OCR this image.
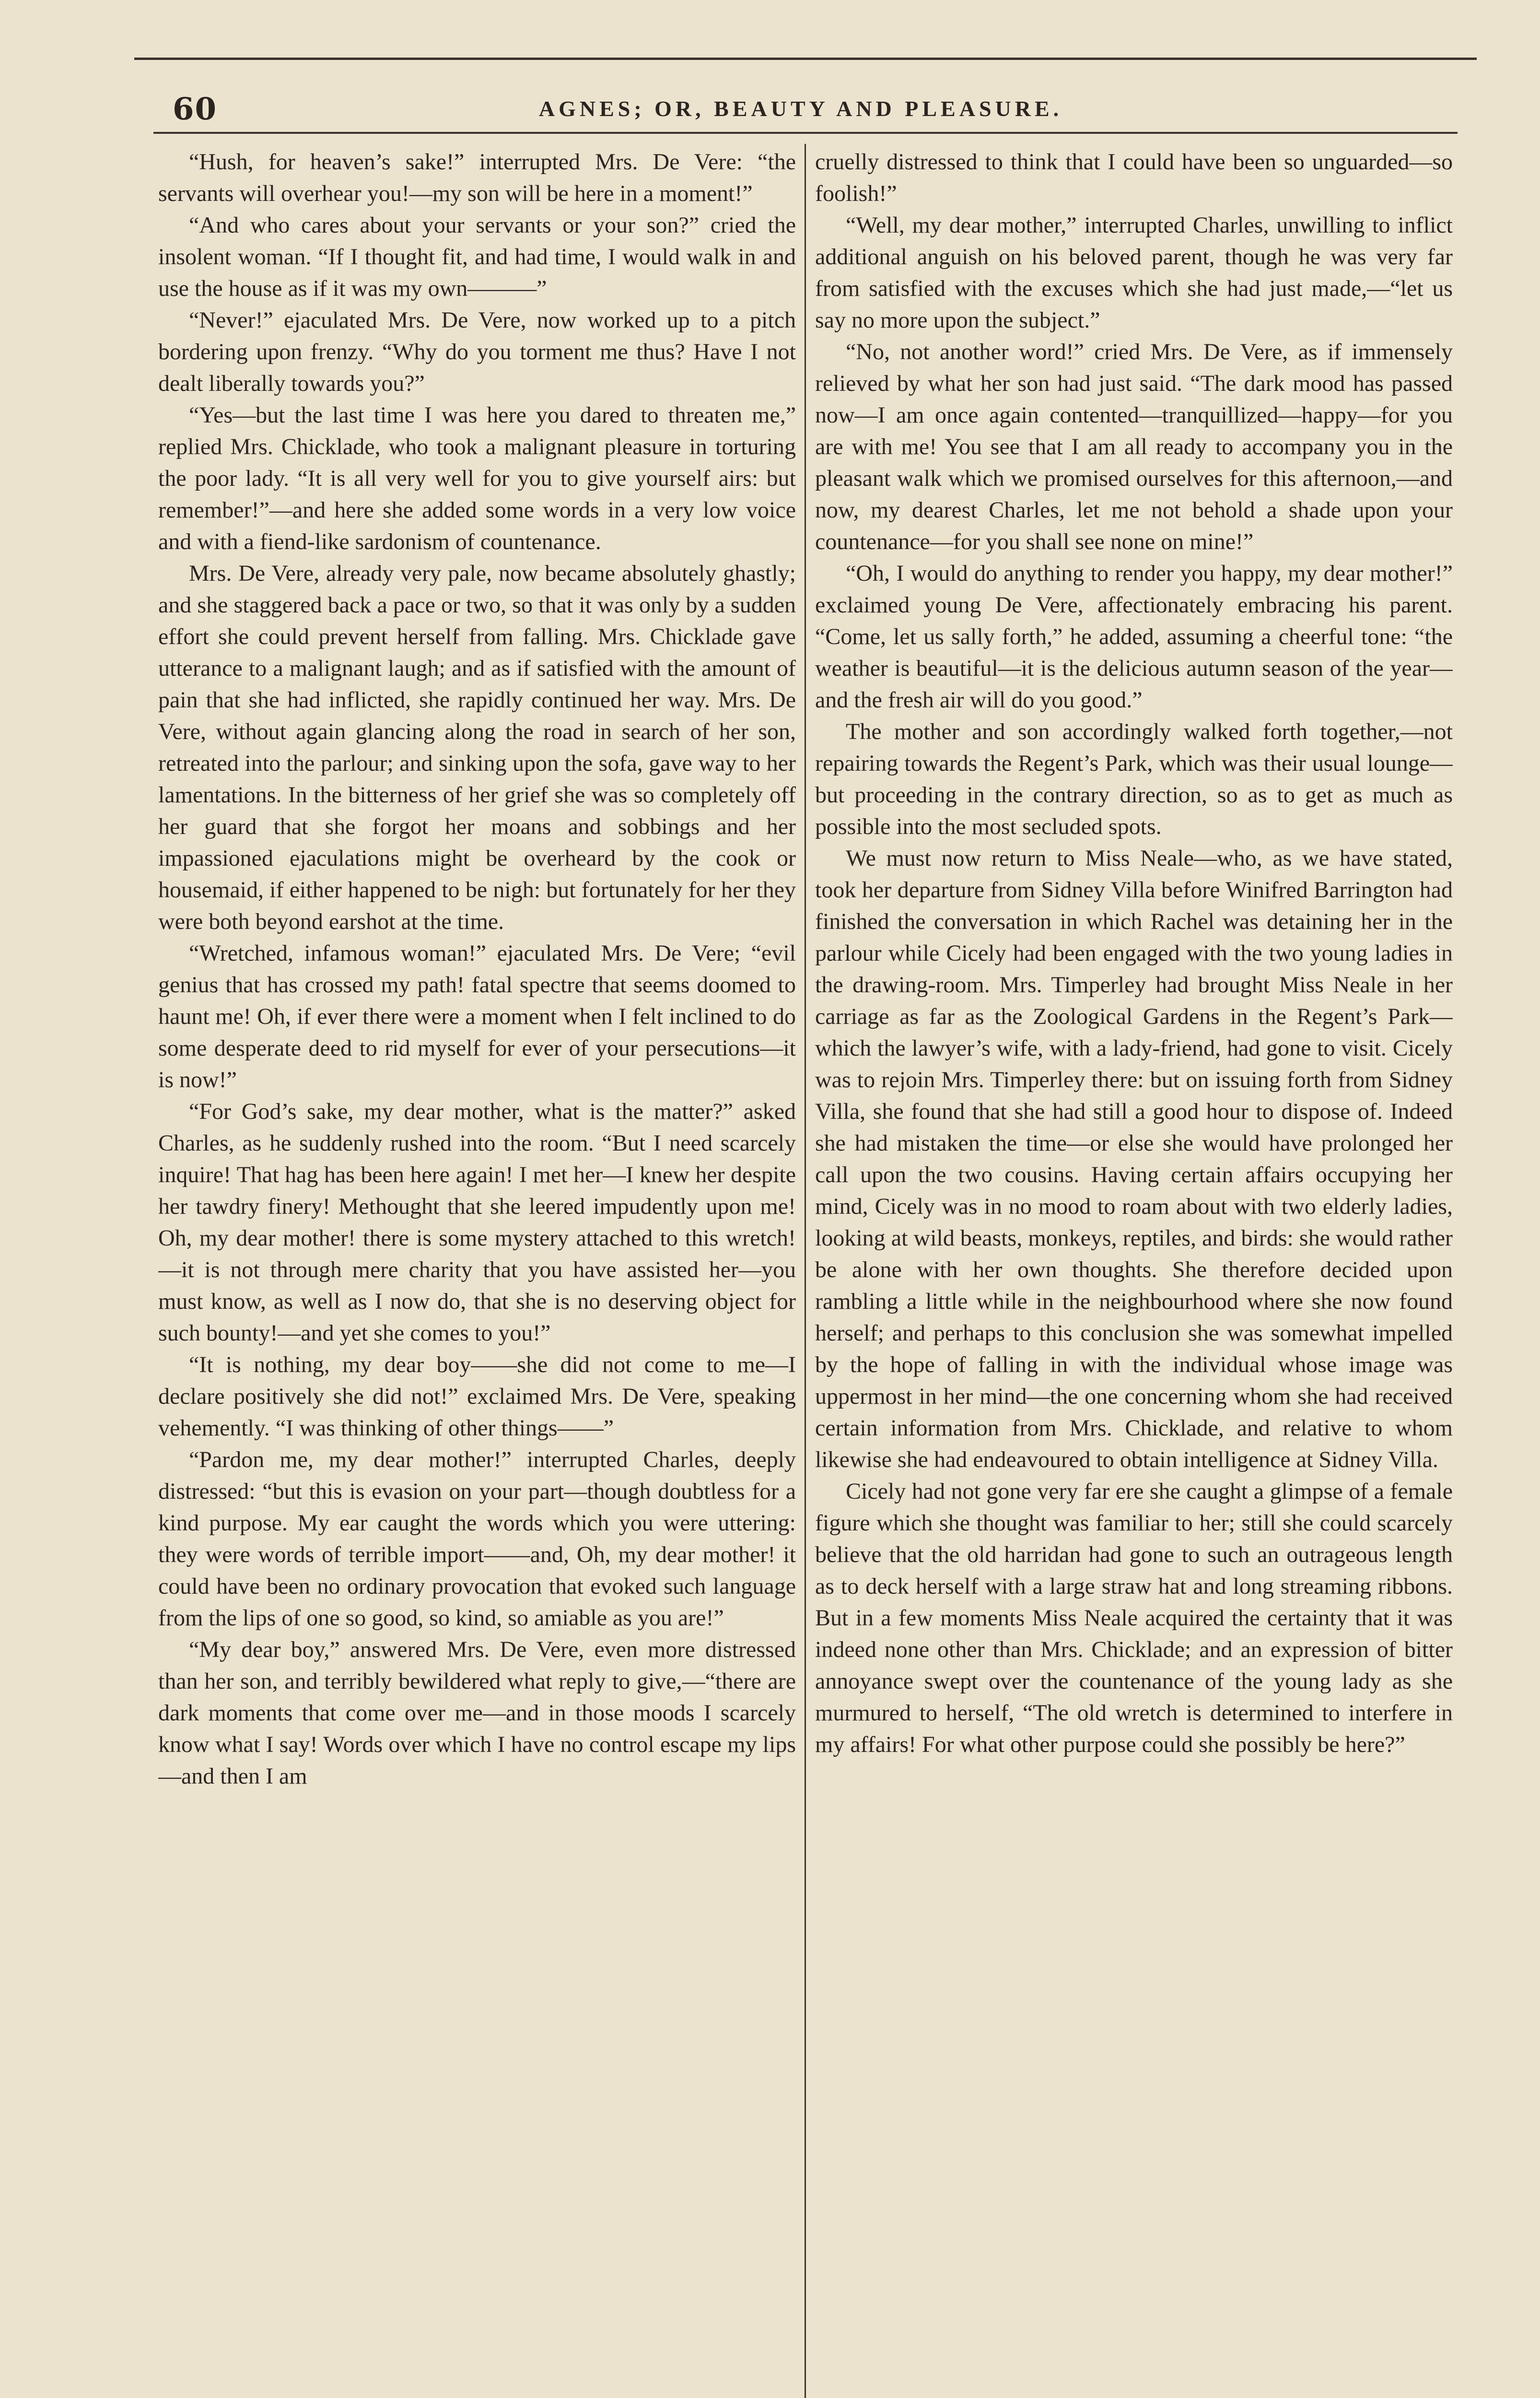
60	AGNES; OR, BEAUTY AND PLEASURE.

“Hush, for heaven’s sake!” interrupted Mrs. De Vere: “the servants will overhear you!—my son will be here in a moment!”

“And who cares about your servants or your son?” cried the insolent woman. “If I thought fit, and had time, I would walk in and use the house as if it was my own———”

“Never!” ejaculated Mrs. De Vere, now worked up to a pitch bordering upon frenzy. “Why do you torment me thus? Have I not dealt liberally towards you?”

“Yes—but the last time I was here you dared to threaten me,” replied Mrs. Chicklade, who took a malignant pleasure in torturing the poor lady. “It is all very well for you to give yourself airs: but remember!”—and here she added some words in a very low voice and with a fiend-like sardonism of countenance.

Mrs. De Vere, already very pale, now became absolutely ghastly; and she staggered back a pace or two, so that it was only by a sudden effort she could prevent herself from falling. Mrs. Chicklade gave utterance to a malignant laugh; and as if satisfied with the amount of pain that she had inflicted, she rapidly continued her way. Mrs. De Vere, without again glancing along the road in search of her son, retreated into the parlour; and sinking upon the sofa, gave way to her lamentations. In the bitterness of her grief she was so completely off her guard that she forgot her moans and sobbings and her impassioned ejaculations might be overheard by the cook or housemaid, if either happened to be nigh: but fortunately for her they were both beyond earshot at the time.

“Wretched, infamous woman!” ejaculated Mrs. De Vere; “evil genius that has crossed my path! fatal spectre that seems doomed to haunt me! Oh, if ever there were a moment when I felt inclined to do some desperate deed to rid myself for ever of your persecutions—it is now!”

“For God’s sake, my dear mother, what is the matter?” asked Charles, as he suddenly rushed into the room. “But I need scarcely inquire! That hag has been here again! I met her—I knew her despite her tawdry finery! Methought that she leered impudently upon me! Oh, my dear mother! there is some mystery attached to this wretch!—it is not through mere charity that you have assisted her—you must know, as well as I now do, that she is no deserving object for such bounty!—and yet she comes to you!”

“It is nothing, my dear boy——she did not come to me—I declare positively she did not!” exclaimed Mrs. De Vere, speaking vehemently. “I was thinking of other things——”

“Pardon me, my dear mother!” interrupted Charles, deeply distressed: “but this is evasion on your part—though doubtless for a kind purpose. My ear caught the words which you were uttering: they were words of terrible import——and, Oh, my dear mother! it could have been no ordinary provocation that evoked such language from the lips of one so good, so kind, so amiable as you are!”

“My dear boy,” answered Mrs. De Vere, even more distressed than her son, and terribly bewildered what reply to give,—“there are dark moments that come over me—and in those moods I scarcely know what I say! Words over which I have no control escape my lips—and then I am

cruelly distressed to think that I could have been so unguarded—so foolish!”

“Well, my dear mother,” interrupted Charles, unwilling to inflict additional anguish on his beloved parent, though he was very far from satisfied with the excuses which she had just made,—“let us say no more upon the subject.”

“No, not another word!” cried Mrs. De Vere, as if immensely relieved by what her son had just said. “The dark mood has passed now—I am once again contented—tranquillized—happy—for you are with me! You see that I am all ready to accompany you in the pleasant walk which we promised ourselves for this afternoon,—and now, my dearest Charles, let me not behold a shade upon your countenance—for you shall see none on mine!”

“Oh, I would do anything to render you happy, my dear mother!” exclaimed young De Vere, affectionately embracing his parent. “Come, let us sally forth,” he added, assuming a cheerful tone: “the weather is beautiful—it is the delicious autumn season of the year—and the fresh air will do you good.”

The mother and son accordingly walked forth together,—not repairing towards the Regent’s Park, which was their usual lounge—but proceeding in the contrary direction, so as to get as much as possible into the most secluded spots.

We must now return to Miss Neale—who, as we have stated, took her departure from Sidney Villa before Winifred Barrington had finished the conversation in which Rachel was detaining her in the parlour while Cicely had been engaged with the two young ladies in the drawing-room. Mrs. Timperley had brought Miss Neale in her carriage as far as the Zoological Gardens in the Regent’s Park—which the lawyer’s wife, with a lady-friend, had gone to visit. Cicely was to rejoin Mrs. Timperley there: but on issuing forth from Sidney Villa, she found that she had still a good hour to dispose of. Indeed she had mistaken the time—or else she would have prolonged her call upon the two cousins. Having certain affairs occupying her mind, Cicely was in no mood to roam about with two elderly ladies, looking at wild beasts, monkeys, reptiles, and birds: she would rather be alone with her own thoughts. She therefore decided upon rambling a little while in the neighbourhood where she now found herself; and perhaps to this conclusion she was somewhat impelled by the hope of falling in with the individual whose image was uppermost in her mind—the one concerning whom she had received certain information from Mrs. Chicklade, and relative to whom likewise she had endeavoured to obtain intelligence at Sidney Villa.

Cicely had not gone very far ere she caught a glimpse of a female figure which she thought was familiar to her; still she could scarcely believe that the old harridan had gone to such an outrageous length as to deck herself with a large straw hat and long streaming ribbons. But in a few moments Miss Neale acquired the certainty that it was indeed none other than Mrs. Chicklade; and an expression of bitter annoyance swept over the countenance of the young lady as she murmured to herself, “The old wretch is determined to interfere in my affairs! For what other purpose could she possibly be here?”
